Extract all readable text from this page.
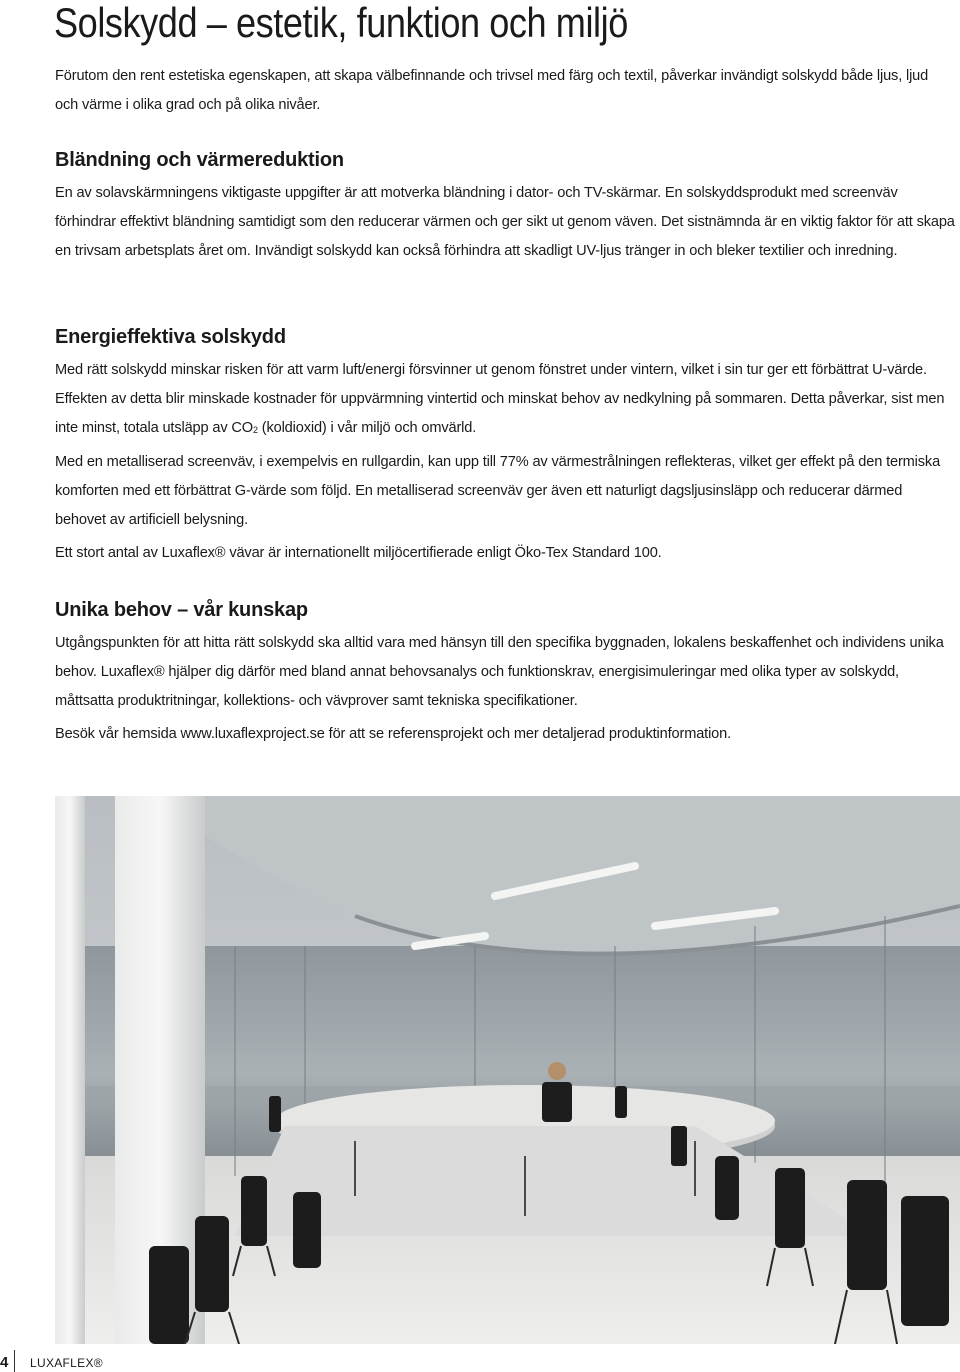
Solskydd – estetik, funktion och miljö

Förutom den rent estetiska egenskapen, att skapa välbefinnande och trivsel med färg och textil, påverkar invändigt solskydd både ljus, ljud och värme i olika grad och på olika nivåer.

Bländning och värmereduktion

En av solavskärmningens viktigaste uppgifter är att motverka bländning i dator- och TV-skärmar. En solskyddsprodukt med screenväv förhindrar effektivt bländning samtidigt som den reducerar värmen och ger sikt ut genom väven. Det sistnämnda är en viktig faktor för att skapa en trivsam arbetsplats året om. Invändigt solskydd kan också förhindra att skadligt UV-ljus tränger in och bleker textilier och inredning.

Energieffektiva solskydd

Med rätt solskydd minskar risken för att varm luft/energi försvinner ut genom fönstret under vintern, vilket i sin tur ger ett förbättrat U-värde. Effekten av detta blir minskade kostnader för uppvärmning vintertid och minskat behov av nedkylning på sommaren. Detta påverkar, sist men inte minst, totala utsläpp av $CO_2$ (koldioxid) i vår miljö och omvärld.

Med en metalliserad screenväv, i exempelvis en rullgardin, kan upp till 77% av värmestrålningen reflekteras, vilket ger effekt på den termiska komforten med ett förbättrat G-värde som följd. En metalliserad screenväv ger även ett naturligt dagsljusinsläpp och reducerar därmed behovet av artificiell belysning.

Ett stort antal av Luxaflex® vävar är internationellt miljöcertifierade enligt Öko-Tex Standard 100.

Unika behov – vår kunskap

Utgångspunkten för att hitta rätt solskydd ska alltid vara med hänsyn till den specifika byggnaden, lokalens beskaffenhet och individens unika behov. Luxaflex® hjälper dig därför med bland annat behovsanalys och funktionskrav, energisimuleringar med olika typer av solskydd, måttsatta produktritningar, kollektions- och vävprover samt tekniska specifikationer.

Besök vår hemsida www.luxaflexproject.se för att se referensprojekt och mer detaljerad produktinformation.

4 LUXAFLEX®
